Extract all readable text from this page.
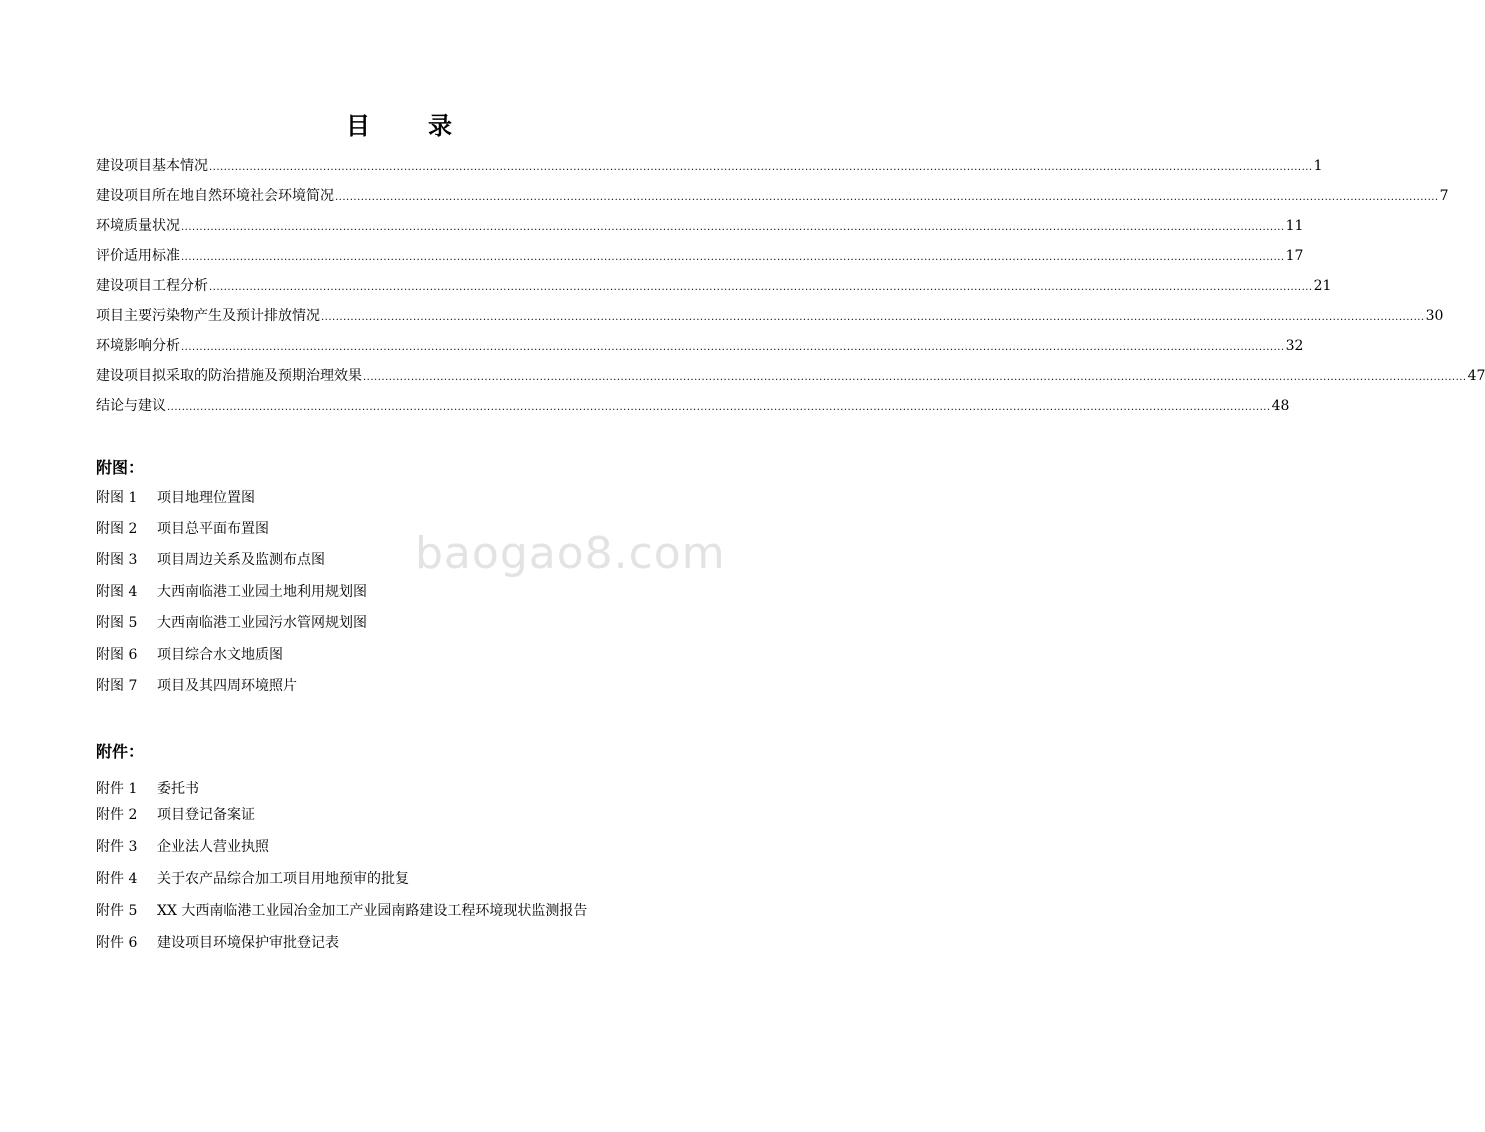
目 录
建设项目基本情况 ............................................................................................................................................................................................................................................................................................................ 1
建设项目所在地自然环境社会环境简况 ............................................................................................................................................................................................................................................................................................................ 7
环境质量状况 ............................................................................................................................................................................................................................................................................................................ 11
评价适用标准 ............................................................................................................................................................................................................................................................................................................ 17
建设项目工程分析 ............................................................................................................................................................................................................................................................................................................ 21
项目主要污染物产生及预计排放情况 ............................................................................................................................................................................................................................................................................................................ 30
环境影响分析 ............................................................................................................................................................................................................................................................................................................ 32
建设项目拟采取的防治措施及预期治理效果 ............................................................................................................................................................................................................................................................................................................ 47
结论与建议 ............................................................................................................................................................................................................................................................................................................ 48
附图：
附图 1 项目地理位置图
附图 2 项目总平面布置图
附图 3 项目周边关系及监测布点图
附图 4 大西南临港工业园土地利用规划图
附图 5 大西南临港工业园污水管网规划图
附图 6 项目综合水文地质图
附图 7 项目及其四周环境照片
附件：
附件 1 委托书
附件 2 项目登记备案证
附件 3 企业法人营业执照
附件 4 关于农产品综合加工项目用地预审的批复
附件 5 XX 大西南临港工业园冶金加工产业园南路建设工程环境现状监测报告
附件 6 建设项目环境保护审批登记表
baogao8.com
